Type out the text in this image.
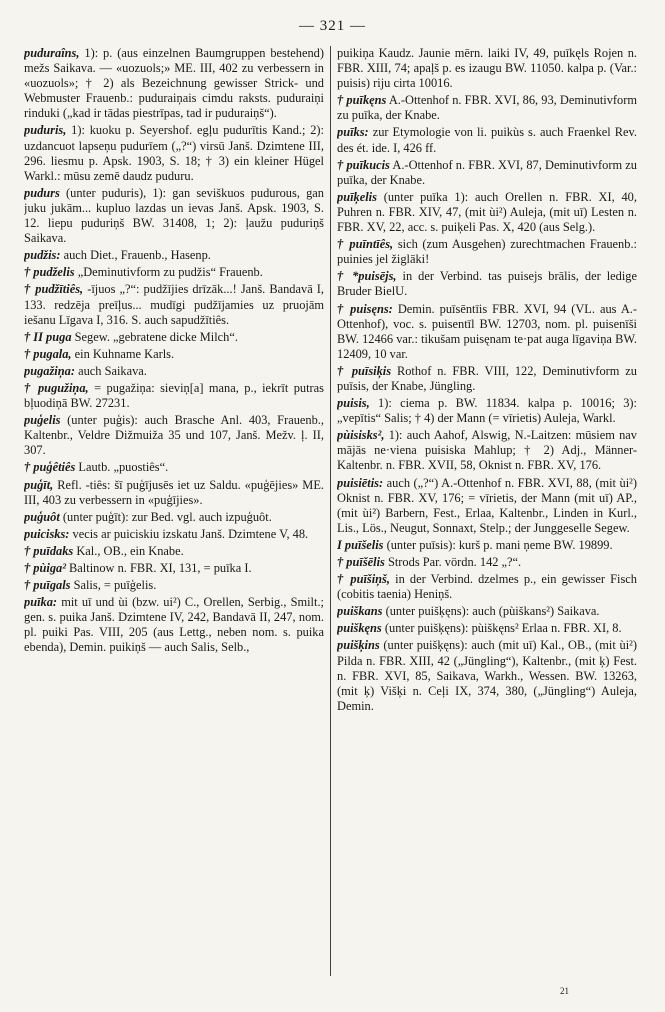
— 321 —

puduraîns, 1): p. (aus einzelnen Baumgruppen bestehend) mežs Saikava. — «uozuols;» ME. III, 402 zu verbessern in «uozuols»; † 2) als Bezeichnung gewisser Strick- und Webmuster Frauenb.: puduraiņais cimdu raksts. puduraiņi rinduki („kad ir tādas piestrīpas, tad ir puduraiņš“).

puduris, 1): kuoku p. Seyershof. egļu pudurītis Kand.; 2): uzdancuot lapseņu pudurīem („?“) virsū Janš. Dzimtene III, 296. liesmu p. Apsk. 1903, S. 18; † 3) ein kleiner Hügel Warkl.: mūsu zemē daudz puduru.

pudurs (unter puduris), 1): gan seviškuos pudurous, gan juku jukām... kupluo lazdas un ievas Janš. Apsk. 1903, S. 12. liepu puduriņš BW. 31408, 1; 2): ļaužu puduriņš Saikava.

pudžis: auch Diet., Frauenb., Hasenp.

† pudželis „Deminutivform zu pudžis“ Frauenb.

† pudžītiês, -ījuos „?“: pudžījies drīzāk...! Janš. Bandavā I, 133. redzēja preīļus... mudīgi pudžījamies uz pruojām iešanu Līgava I, 316. S. auch sapudžītiês.

† II puga Segew. „gebratene dicke Milch“.

† pugala, ein Kuhname Karls.

pugažiņa: auch Saikava.

† pugužiņa, = pugažiņa: sieviņ[a] mana, p., iekrīt putras bļuodiņā BW. 27231.

puģelis (unter puģis): auch Brasche Anl. 403, Frauenb., Kaltenbr., Veldre Dižmuiža 35 und 107, Janš. Mežv. ļ. II, 307.

† puģêtiês Lautb. „puostiês“.

puģīt, Refl. -tiês: šī puģījusēs iet uz Saldu. «puģējies» ME. III, 403 zu verbessern in «puģījies».

puģuôt (unter puģīt): zur Bed. vgl. auch izpuģuôt.

puicisks: vecis ar puiciskiu izskatu Janš. Dzimtene V, 48.

† puīdaks Kal., OB., ein Knabe.

† pùiga² Baltinow n. FBR. XI, 131, = puīka I.

† puīgals Salis, = puīģelis.

puīka: mit uī und ùi (bzw. ui²) C., Orellen, Serbig., Smilt.; gen. s. puika Janš. Dzimtene IV, 242, Bandavā II, 247, nom. pl. puiki Pas. VIII, 205 (aus Lettg., neben nom. s. puika ebenda), Demin. puikiņš — auch Salis, Selb.,

puikiņa Kaudz. Jaunie mērn. laiki IV, 49, puīkęls Rojen n. FBR. XIII, 74; apaļš p. es izaugu BW. 11050. kalpa p. (Var.: puisis) riju cirta 10016.

† puīkęns A.-Ottenhof n. FBR. XVI, 86, 93, Deminutivform zu puīka, der Knabe.

puīks: zur Etymologie von li. puikùs s. auch Fraenkel Rev. des ét. ide. I, 426 ff.

† puīkucis A.-Ottenhof n. FBR. XVI, 87, Deminutivform zu puīka, der Knabe.

puīķelis (unter puīka 1): auch Orellen n. FBR. XI, 40, Puhren n. FBR. XIV, 47, (mit ùi²) Auleja, (mit uī) Lesten n. FBR. XV, 22, acc. s. puiķeli Pas. X, 420 (aus Selg.).

† puīntīês, sich (zum Ausgehen) zurechtmachen Frauenb.: puinies jel žiglāki!

† *puisējs, in der Verbind. tas puisejs brālis, der ledige Bruder BielU.

† puisęns: Demin. puīsēntīis FBR. XVI, 94 (VL. aus A.-Ottenhof), voc. s. puisentīl BW. 12703, nom. pl. puisenīši BW. 12466 var.: tikušam puisęnam te·pat auga līgaviņa BW. 12409, 10 var.

† puīsiķis Rothof n. FBR. VIII, 122, Deminutivform zu puīsis, der Knabe, Jüngling.

puisis, 1): ciema p. BW. 11834. kalpa p. 10016; 3): „vepītis“ Salis; † 4) der Mann (= vīrietis) Auleja, Warkl.

pùisisks², 1): auch Aahof, Alswig, N.-Laitzen: mūsiem nav mājās ne·viena puisiska Mahlup; † 2) Adj., Männer- Kaltenbr. n. FBR. XVII, 58, Oknist n. FBR. XV, 176.

puisiētis: auch („?“) A.-Ottenhof n. FBR. XVI, 88, (mit ùi²) Oknist n. FBR. XV, 176; = vīrietis, der Mann (mit uī) AP., (mit ùi²) Barbern, Fest., Erlaa, Kaltenbr., Linden in Kurl., Lis., Lös., Neugut, Sonnaxt, Stelp.; der Junggeselle Segew.

I puīšelis (unter puīsis): kurš p. mani ņeme BW. 19899.

† puīšēlis Strods Par. vördn. 142 „?“.

† puīšiņš, in der Verbind. dzelmes p., ein gewisser Fisch (cobitis taenia) Heniņš.

puiškans (unter puišķęns): auch (pùiškans²) Saikava.

puiškęns (unter puišķęns): pùiškęns² Erlaa n. FBR. XI, 8.

puišķins (unter puišķęns): auch (mit uī) Kal., OB., (mit ùi²) Pilda n. FBR. XIII, 42 („Jüngling“), Kaltenbr., (mit ķ) Fest. n. FBR. XVI, 85, Saikava, Warkh., Wessen. BW. 13263, (mit ķ) Višķi n. Ceļi IX, 374, 380, („Jüngling“) Auleja, Demin.

21
